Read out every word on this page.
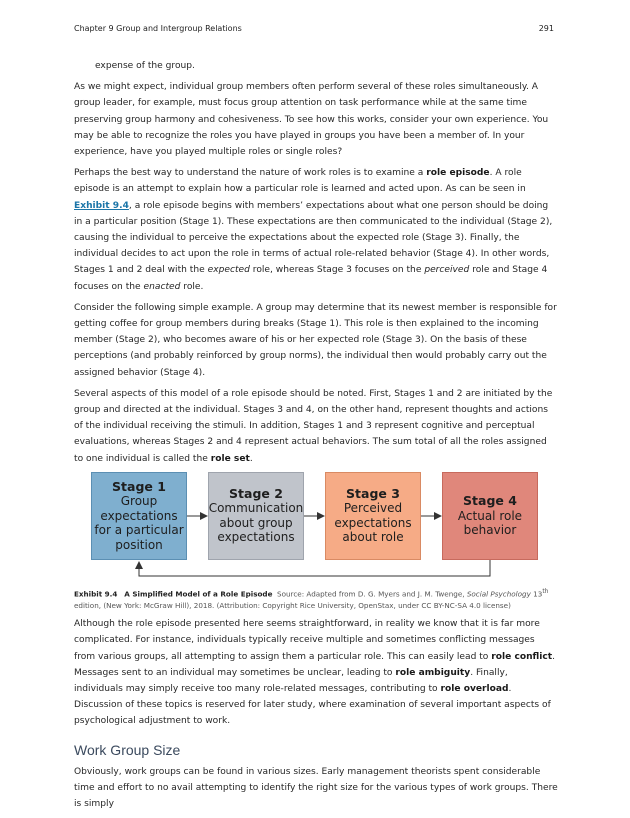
Chapter 9 Group and Intergroup Relations	291

expense of the group.

As we might expect, individual group members often perform several of these roles simultaneously. A group leader, for example, must focus group attention on task performance while at the same time preserving group harmony and cohesiveness. To see how this works, consider your own experience. You may be able to recognize the roles you have played in groups you have been a member of. In your experience, have you played multiple roles or single roles?

Perhaps the best way to understand the nature of work roles is to examine a role episode. A role episode is an attempt to explain how a particular role is learned and acted upon. As can be seen in Exhibit 9.4, a role episode begins with members’ expectations about what one person should be doing in a particular position (Stage 1). These expectations are then communicated to the individual (Stage 2), causing the individual to perceive the expectations about the expected role (Stage 3). Finally, the individual decides to act upon the role in terms of actual role-related behavior (Stage 4). In other words, Stages 1 and 2 deal with the expected role, whereas Stage 3 focuses on the perceived role and Stage 4 focuses on the enacted role.

Consider the following simple example. A group may determine that its newest member is responsible for getting coffee for group members during breaks (Stage 1). This role is then explained to the incoming member (Stage 2), who becomes aware of his or her expected role (Stage 3). On the basis of these perceptions (and probably reinforced by group norms), the individual then would probably carry out the assigned behavior (Stage 4).

Several aspects of this model of a role episode should be noted. First, Stages 1 and 2 are initiated by the group and directed at the individual. Stages 3 and 4, on the other hand, represent thoughts and actions of the individual receiving the stimuli. In addition, Stages 1 and 3 represent cognitive and perceptual evaluations, whereas Stages 2 and 4 represent actual behaviors. The sum total of all the roles assigned to one individual is called the role set.

Stage 1
Group expectations for a particular position
Stage 2
Communication about group expectations
Stage 3
Perceived expectations about role
Stage 4
Actual role behavior

Exhibit 9.4 A Simplified Model of a Role Episode Source: Adapted from D. G. Myers and J. M. Twenge, Social Psychology 13th edition, (New York: McGraw Hill), 2018. (Attribution: Copyright Rice University, OpenStax, under CC BY-NC-SA 4.0 license)

Although the role episode presented here seems straightforward, in reality we know that it is far more complicated. For instance, individuals typically receive multiple and sometimes conflicting messages from various groups, all attempting to assign them a particular role. This can easily lead to role conflict. Messages sent to an individual may sometimes be unclear, leading to role ambiguity. Finally, individuals may simply receive too many role-related messages, contributing to role overload. Discussion of these topics is reserved for later study, where examination of several important aspects of psychological adjustment to work.

Work Group Size

Obviously, work groups can be found in various sizes. Early management theorists spent considerable time and effort to no avail attempting to identify the right size for the various types of work groups. There is simply
